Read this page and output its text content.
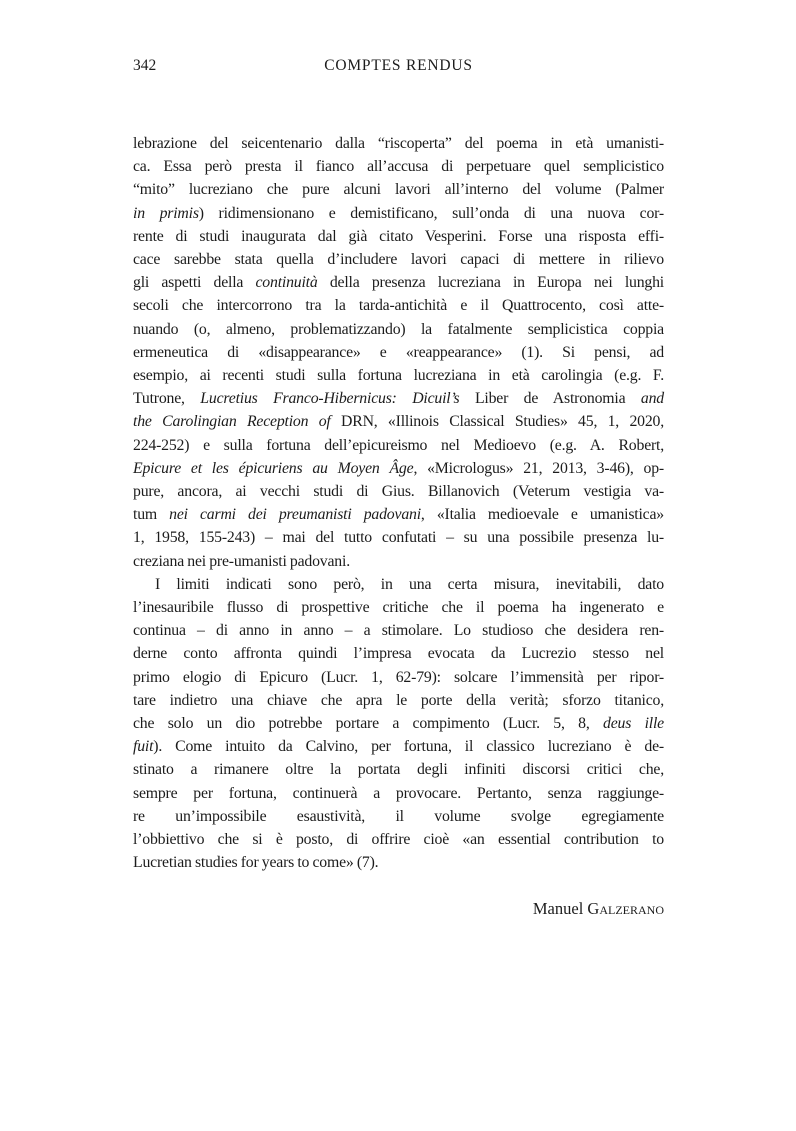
342	COMPTES RENDUS
lebrazione del seicentenario dalla “riscoperta” del poema in età umanisti-
ca. Essa però presta il fianco all’accusa di perpetuare quel semplicistico
“mito” lucreziano che pure alcuni lavori all’interno del volume (Palmer
in primis) ridimensionano e demistificano, sull’onda di una nuova cor-
rente di studi inaugurata dal già citato Vesperini. Forse una risposta effi-
cace sarebbe stata quella d’includere lavori capaci di mettere in rilievo
gli aspetti della continuità della presenza lucreziana in Europa nei lunghi
secoli che intercorrono tra la tarda-antichità e il Quattrocento, così atte-
nuando (o, almeno, problematizzando) la fatalmente semplicistica coppia
ermeneutica di «disappearance» e «reappearance» (1). Si pensi, ad
esempio, ai recenti studi sulla fortuna lucreziana in età carolingia (e.g. F.
Tutrone, Lucretius Franco-Hibernicus: Dicuil’s Liber de Astronomia and
the Carolingian Reception of DRN, «Illinois Classical Studies» 45, 1, 2020,
224-252) e sulla fortuna dell’epicureismo nel Medioevo (e.g. A. Robert,
Epicure et les épicuriens au Moyen Âge, «Micrologus» 21, 2013, 3-46), op-
pure, ancora, ai vecchi studi di Gius. Billanovich (Veterum vestigia va-
tum nei carmi dei preumanisti padovani, «Italia medioevale e umanistica»
1, 1958, 155-243) – mai del tutto confutati – su una possibile presenza lu-
creziana nei pre-umanisti padovani.
I limiti indicati sono però, in una certa misura, inevitabili, dato
l’inesauribile flusso di prospettive critiche che il poema ha ingenerato e
continua – di anno in anno – a stimolare. Lo studioso che desidera ren-
derne conto affronta quindi l’impresa evocata da Lucrezio stesso nel
primo elogio di Epicuro (Lucr. 1, 62-79): solcare l’immensità per ripor-
tare indietro una chiave che apra le porte della verità; sforzo titanico,
che solo un dio potrebbe portare a compimento (Lucr. 5, 8, deus ille
fuit). Come intuito da Calvino, per fortuna, il classico lucreziano è de-
stinato a rimanere oltre la portata degli infiniti discorsi critici che,
sempre per fortuna, continuerà a provocare. Pertanto, senza raggiunge-
re un’impossibile esaustività, il volume svolge egregiamente
l’obbiettivo che si è posto, di offrire cioè «an essential contribution to
Lucretian studies for years to come» (7).
Manuel Galzerano
